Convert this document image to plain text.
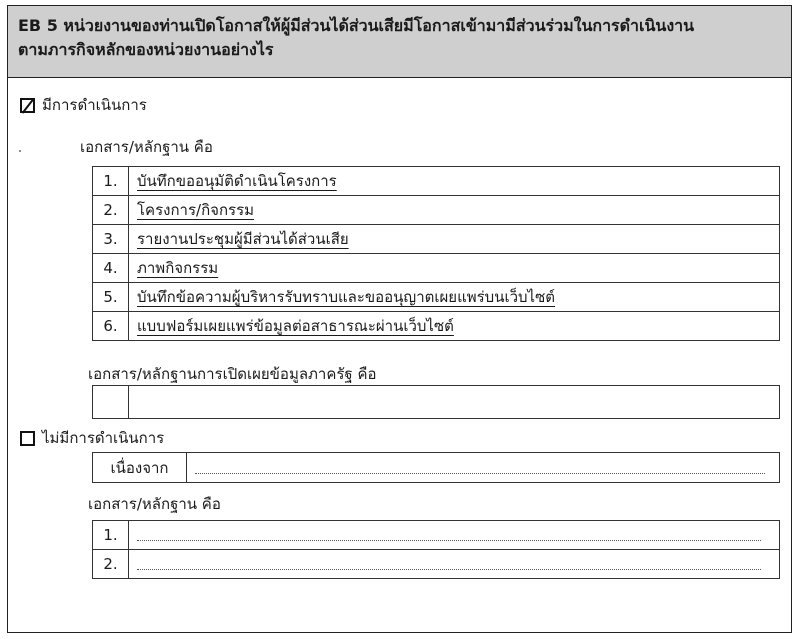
EB 5 หน่วยงานของท่านเปิดโอกาสให้ผู้มีส่วนได้ส่วนเสียมีโอกาสเข้ามามีส่วนร่วมในการดำเนินงาน
ตามภารกิจหลักของหน่วยงานอย่างไร
มีการดำเนินการ
เอกสาร/หลักฐาน คือ
1.	บันทึกขออนุมัติดำเนินโครงการ
2.	โครงการ/กิจกรรม
3.	รายงานประชุมผู้มีส่วนได้ส่วนเสีย
4.	ภาพกิจกรรม
5.	บันทึกข้อความผู้บริหารรับทราบและขออนุญาตเผยแพร่บนเว็บไซต์
6.	แบบฟอร์มเผยแพร่ข้อมูลต่อสาธารณะผ่านเว็บไซต์
เอกสาร/หลักฐานการเปิดเผยข้อมูลภาครัฐ คือ

ไม่มีการดำเนินการ
เนื่องจาก	
เอกสาร/หลักฐาน คือ
1.	

2.	
